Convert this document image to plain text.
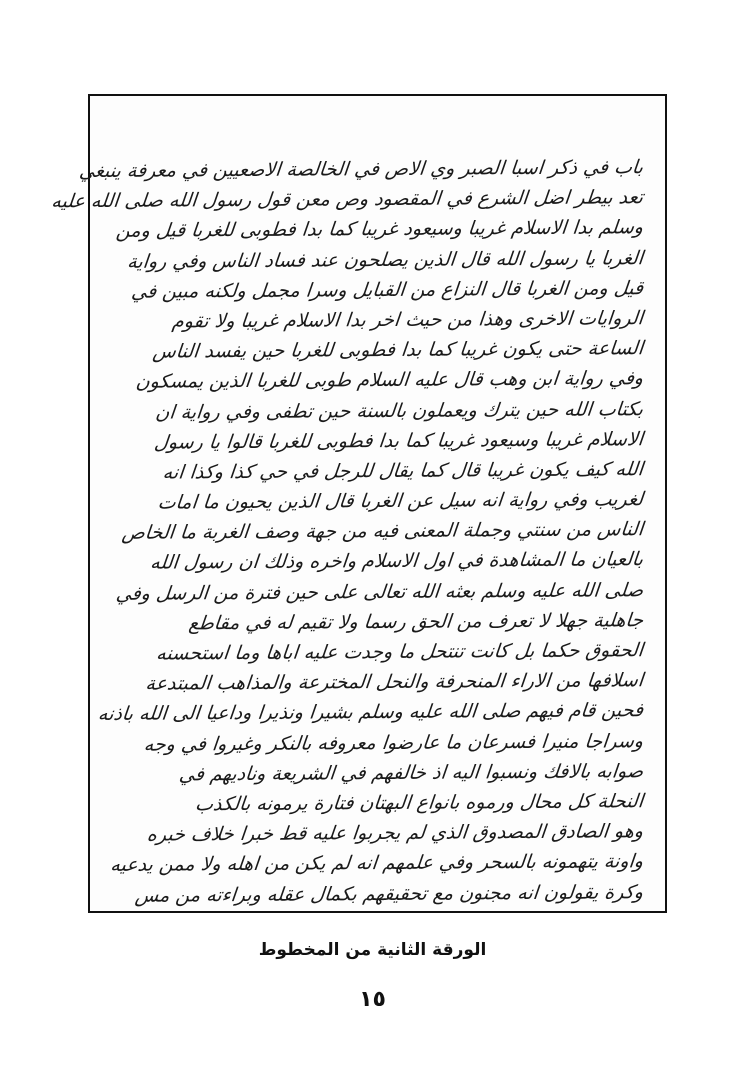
باب في ذكر اسبا الصبر وي الاص في الخالصة الاصعيين في معرفة ينبغي
تعد بيطر اضل الشرع في المقصود وص معن قول رسول الله صلى الله عليه
وسلم بدا الاسلام غريبا وسيعود غريبا كما بدا فطوبى للغربا قيل ومن
الغربا يا رسول الله قال الذين يصلحون عند فساد الناس وفي رواية
قيل ومن الغربا قال النزاع من القبايل وسرا مجمل ولكنه مبين في
الروايات الاخرى وهذا من حيث اخر بدا الاسلام غريبا ولا تقوم
الساعة حتى يكون غريبا كما بدا فطوبى للغربا حين يفسد الناس
وفي رواية ابن وهب قال عليه السلام طوبى للغربا الذين يمسكون
بكتاب الله حين يترك ويعملون بالسنة حين تطفى وفي رواية ان
الاسلام غريبا وسيعود غريبا كما بدا فطوبى للغربا قالوا يا رسول
الله كيف يكون غريبا قال كما يقال للرجل في حي كذا وكذا انه
لغريب وفي رواية انه سيل عن الغربا قال الذين يحيون ما امات
الناس من سنتي وجملة المعنى فيه من جهة وصف الغربة ما الخاص
بالعيان ما المشاهدة في اول الاسلام واخره وذلك ان رسول الله
صلى الله عليه وسلم بعثه الله تعالى على حين فترة من الرسل وفي
جاهلية جهلا لا تعرف من الحق رسما ولا تقيم له في مقاطع
الحقوق حكما بل كانت تنتحل ما وجدت عليه اباها وما استحسنه
اسلافها من الاراء المنحرفة والنحل المخترعة والمذاهب المبتدعة
فحين قام فيهم صلى الله عليه وسلم بشيرا ونذيرا وداعيا الى الله باذنه
وسراجا منيرا فسرعان ما عارضوا معروفه بالنكر وغيروا في وجه
صوابه بالافك ونسبوا اليه اذ خالفهم في الشريعة وناديهم في
النحلة كل محال ورموه بانواع البهتان فتارة يرمونه بالكذب
وهو الصادق المصدوق الذي لم يجربوا عليه قط خبرا خلاف خبره
واونة يتهمونه بالسحر وفي علمهم انه لم يكن من اهله ولا ممن يدعيه
وكرة يقولون انه مجنون مع تحقيقهم بكمال عقله وبراءته من مس
الورقة الثانية من المخطوط
١٥
